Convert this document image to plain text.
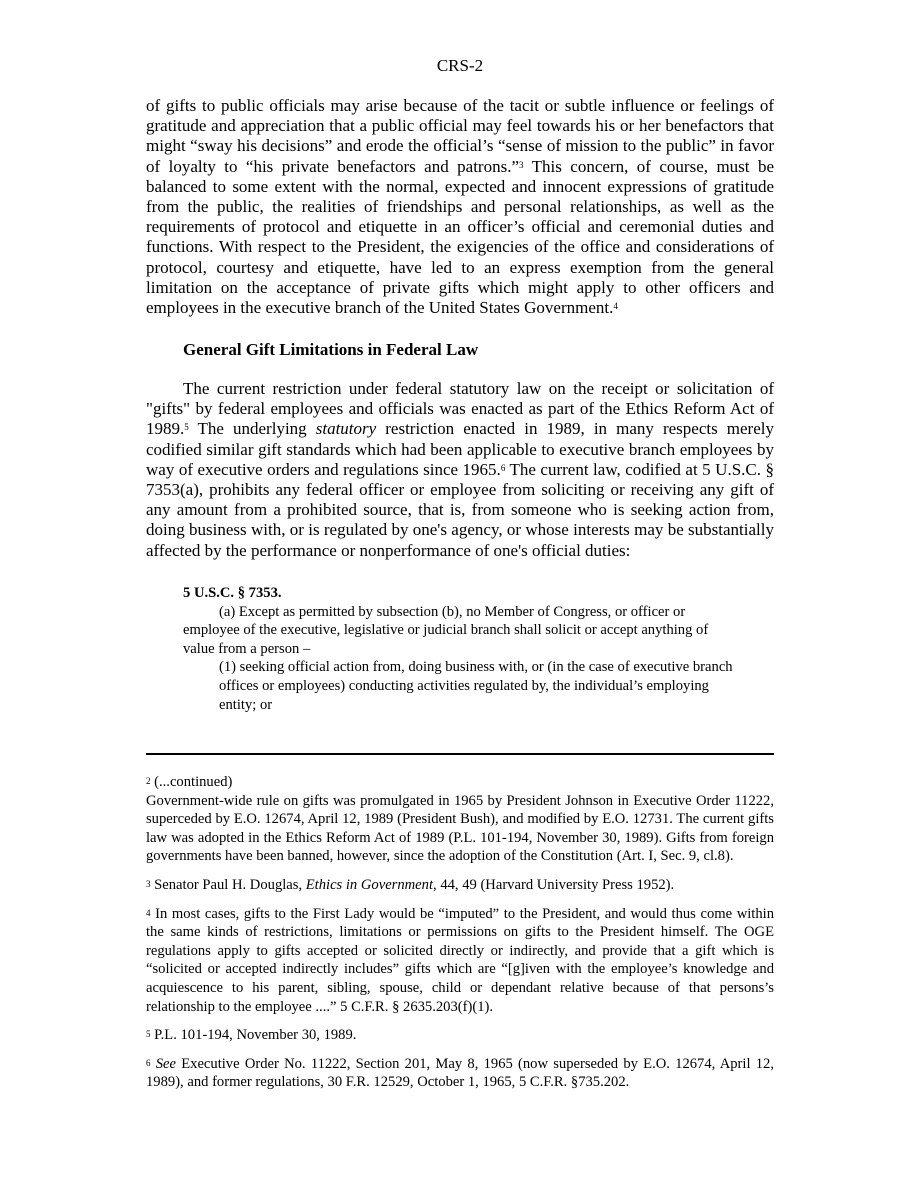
CRS-2

of gifts to public officials may arise because of the tacit or subtle influence or feelings of gratitude and appreciation that a public official may feel towards his or her benefactors that might “sway his decisions” and erode the official’s “sense of mission to the public” in favor of loyalty to “his private benefactors and patrons.”$^3$ This concern, of course, must be balanced to some extent with the normal, expected and innocent expressions of gratitude from the public, the realities of friendships and personal relationships, as well as the requirements of protocol and etiquette in an officer’s official and ceremonial duties and functions. With respect to the President, the exigencies of the office and considerations of protocol, courtesy and etiquette, have led to an express exemption from the general limitation on the acceptance of private gifts which might apply to other officers and employees in the executive branch of the United States Government.$^4$

General Gift Limitations in Federal Law

The current restriction under federal statutory law on the receipt or solicitation of "gifts" by federal employees and officials was enacted as part of the Ethics Reform Act of 1989.$^5$ The underlying statutory restriction enacted in 1989, in many respects merely codified similar gift standards which had been applicable to executive branch employees by way of executive orders and regulations since 1965.$^6$ The current law, codified at 5 U.S.C. § 7353(a), prohibits any federal officer or employee from soliciting or receiving any gift of any amount from a prohibited source, that is, from someone who is seeking action from, doing business with, or is regulated by one's agency, or whose interests may be substantially affected by the performance or nonperformance of one's official duties:

5 U.S.C. § 7353.
(a) Except as permitted by subsection (b), no Member of Congress, or officer or employee of the executive, legislative or judicial branch shall solicit or accept anything of value from a person –
(1) seeking official action from, doing business with, or (in the case of executive branch offices or employees) conducting activities regulated by, the individual’s employing entity; or

$^2$ (...continued)
Government-wide rule on gifts was promulgated in 1965 by President Johnson in Executive Order 11222, superceded by E.O. 12674, April 12, 1989 (President Bush), and modified by E.O. 12731. The current gifts law was adopted in the Ethics Reform Act of 1989 (P.L. 101-194, November 30, 1989). Gifts from foreign governments have been banned, however, since the adoption of the Constitution (Art. I, Sec. 9, cl.8).

$^3$ Senator Paul H. Douglas, Ethics in Government, 44, 49 (Harvard University Press 1952).

$^4$ In most cases, gifts to the First Lady would be “imputed” to the President, and would thus come within the same kinds of restrictions, limitations or permissions on gifts to the President himself. The OGE regulations apply to gifts accepted or solicited directly or indirectly, and provide that a gift which is “solicited or accepted indirectly includes” gifts which are “[g]iven with the employee’s knowledge and acquiescence to his parent, sibling, spouse, child or dependant relative because of that persons’s relationship to the employee ....” 5 C.F.R. § 2635.203(f)(1).

$^5$ P.L. 101-194, November 30, 1989.

$^6$ See Executive Order No. 11222, Section 201, May 8, 1965 (now superseded by E.O. 12674, April 12, 1989), and former regulations, 30 F.R. 12529, October 1, 1965, 5 C.F.R. §735.202.
